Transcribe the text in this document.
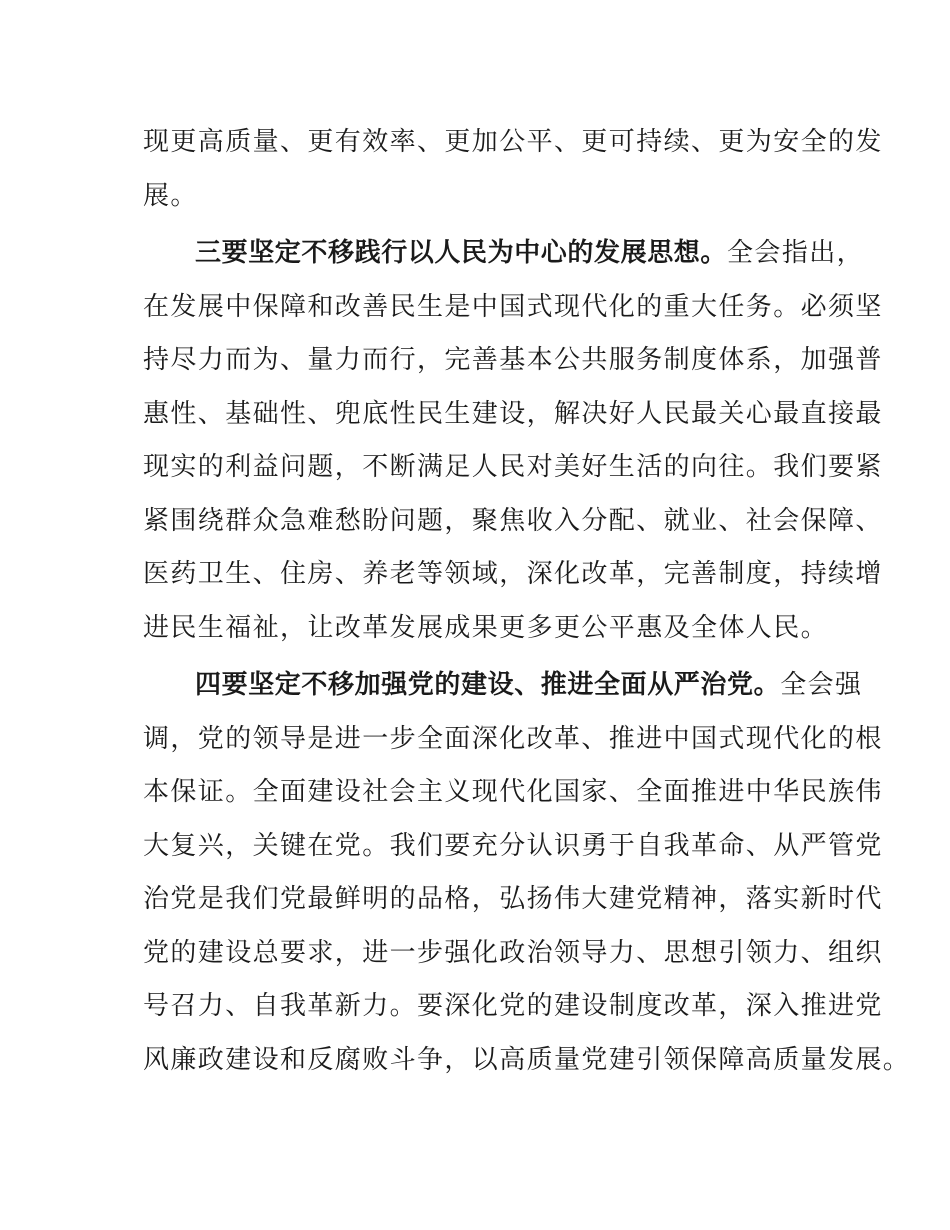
现更高质量、更有效率、更加公平、更可持续、更为安全的发
展。
三要坚定不移践行以人民为中心的发展思想。全会指出，
在发展中保障和改善民生是中国式现代化的重大任务。必须坚
持尽力而为、量力而行，完善基本公共服务制度体系，加强普
惠性、基础性、兜底性民生建设，解决好人民最关心最直接最
现实的利益问题，不断满足人民对美好生活的向往。我们要紧
紧围绕群众急难愁盼问题，聚焦收入分配、就业、社会保障、
医药卫生、住房、养老等领域，深化改革，完善制度，持续增
进民生福祉，让改革发展成果更多更公平惠及全体人民。
四要坚定不移加强党的建设、推进全面从严治党。全会强
调，党的领导是进一步全面深化改革、推进中国式现代化的根
本保证。全面建设社会主义现代化国家、全面推进中华民族伟
大复兴，关键在党。我们要充分认识勇于自我革命、从严管党
治党是我们党最鲜明的品格，弘扬伟大建党精神，落实新时代
党的建设总要求，进一步强化政治领导力、思想引领力、组织
号召力、自我革新力。要深化党的建设制度改革，深入推进党
风廉政建设和反腐败斗争，以高质量党建引领保障高质量发展。
